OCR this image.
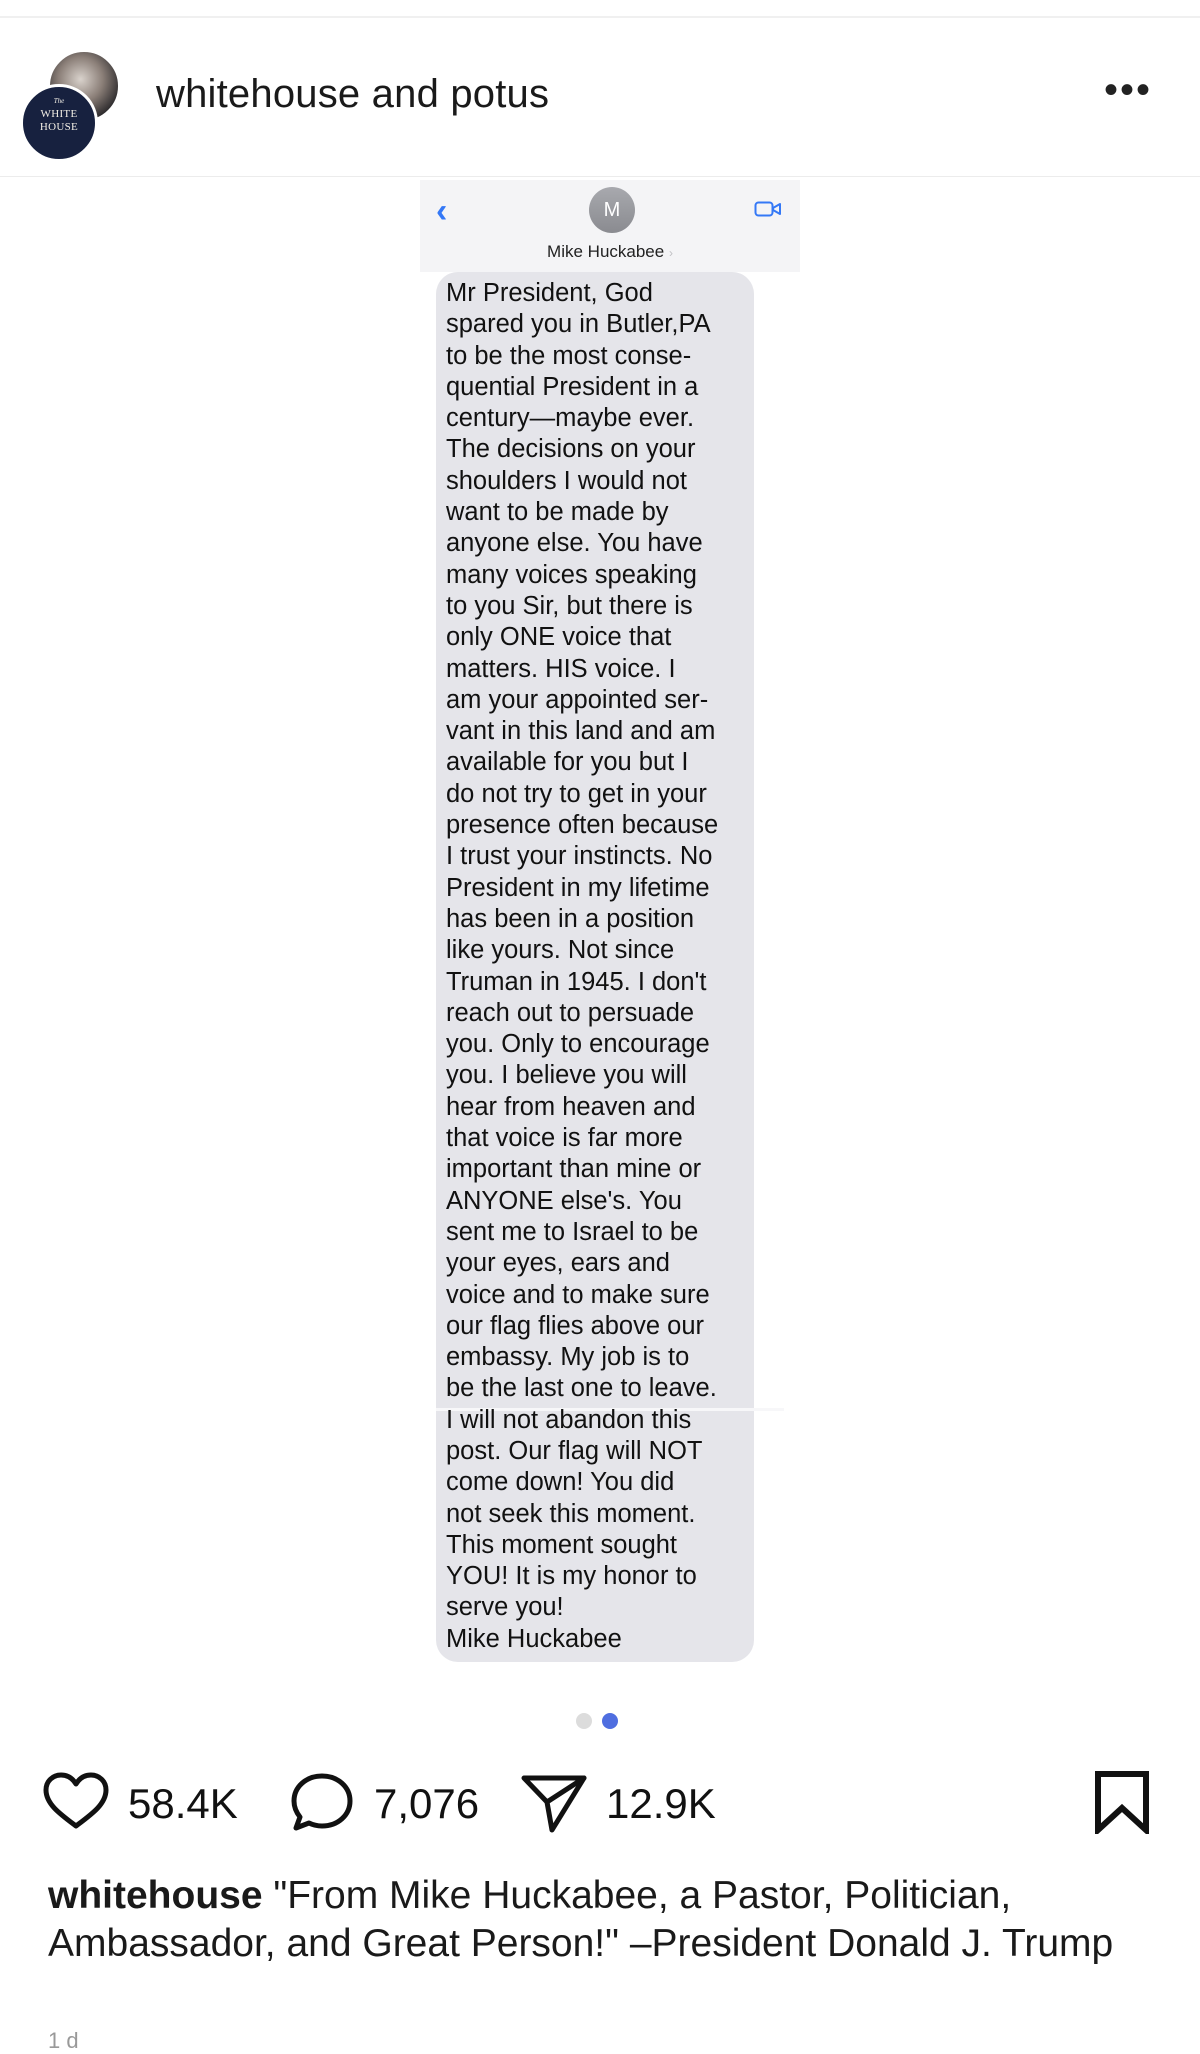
The
WHITE
HOUSE
whitehouse and potus	•••
‹	M
Mike Huckabee ›
Mr President, God
spared you in Butler,PA
to be the most conse-
quential President in a
century—maybe ever.
The decisions on your
shoulders I would not
want to be made by
anyone else. You have
many voices speaking
to you Sir, but there is
only ONE voice that
matters. HIS voice. I
am your appointed ser-
vant in this land and am
available for you but I
do not try to get in your
presence often because
I trust your instincts. No
President in my lifetime
has been in a position
like yours. Not since
Truman in 1945. I don't
reach out to persuade
you. Only to encourage
you. I believe you will
hear from heaven and
that voice is far more
important than mine or
ANYONE else's. You
sent me to Israel to be
your eyes, ears and
voice and to make sure
our flag flies above our
embassy. My job is to
be the last one to leave.
I will not abandon this
post. Our flag will NOT
come down! You did
not seek this moment.
This moment sought
YOU! It is my honor to
serve you!
Mike Huckabee
58.4K	7,076	12.9K
whitehouse "From Mike Huckabee, a Pastor, Politician, Ambassador, and Great Person!" –President Donald J. Trump
1 d
